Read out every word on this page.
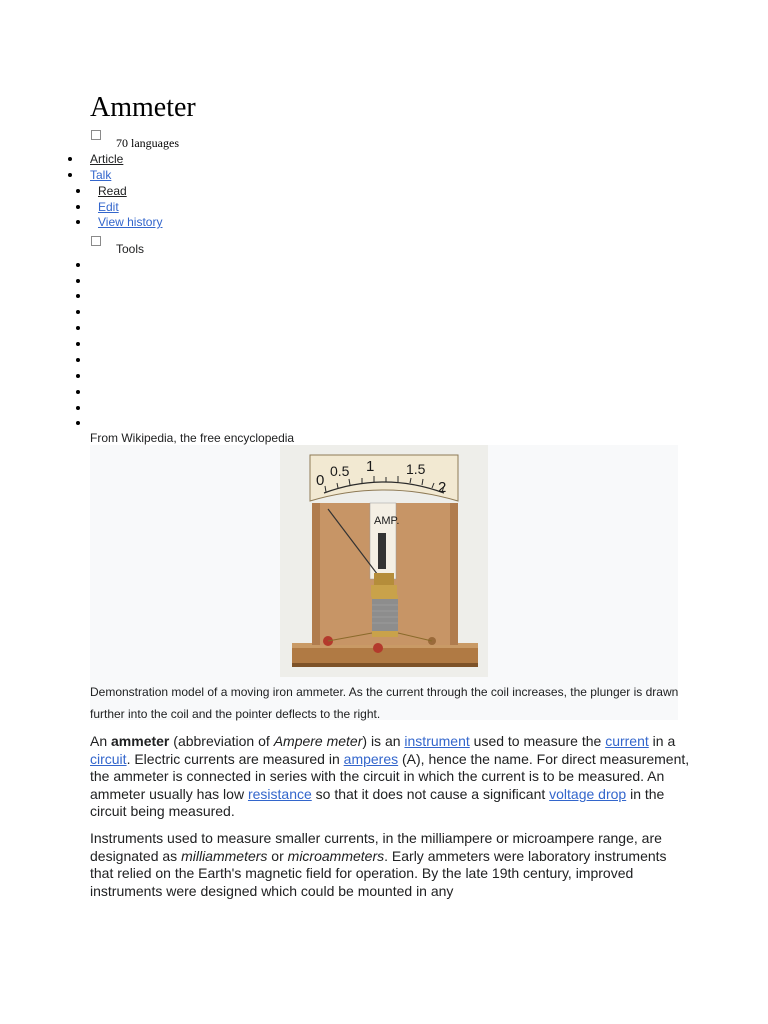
Ammeter
70 languages
Article
Talk
Read
Edit
View history
Tools
From Wikipedia, the free encyclopedia
0
0.5 1 1.5
2
AMP.
Demonstration model of a moving iron ammeter. As the current through the coil increases, the plunger is drawn further into the coil and the pointer deflects to the right.

An ammeter (abbreviation of Ampere meter) is an instrument used to measure the current in a circuit. Electric currents are measured in amperes (A), hence the name. For direct measurement, the ammeter is connected in series with the circuit in which the current is to be measured. An ammeter usually has low resistance so that it does not cause a significant voltage drop in the circuit being measured.

Instruments used to measure smaller currents, in the milliampere or microampere range, are designated as milliammeters or microammeters. Early ammeters were laboratory instruments that relied on the Earth's magnetic field for operation. By the late 19th century, improved instruments were designed which could be mounted in any
